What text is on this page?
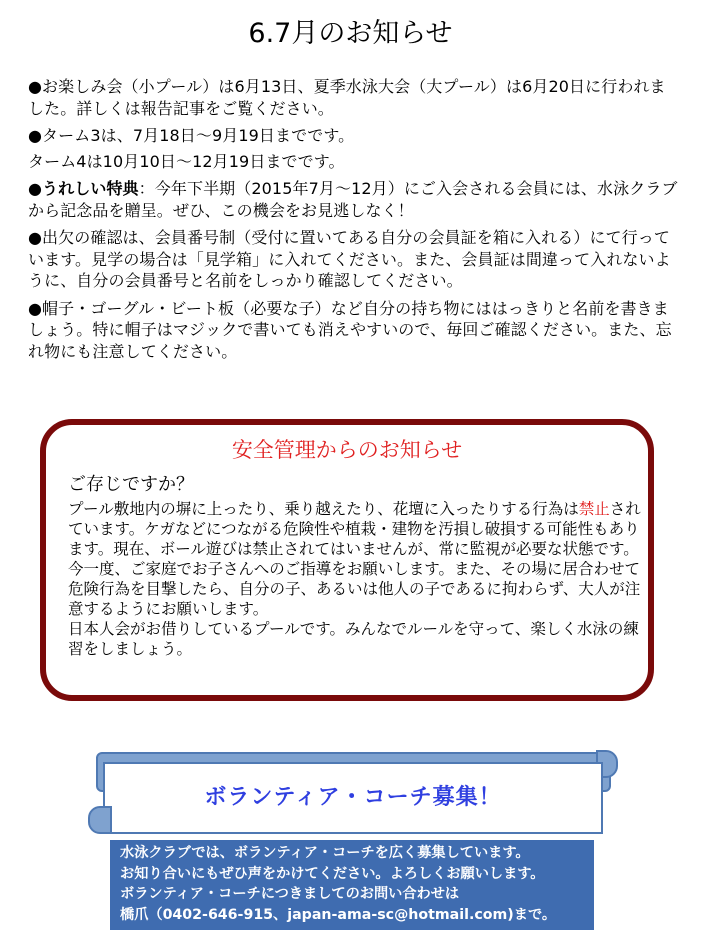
6.7月のお知らせ

●お楽しみ会（小プール）は6月13日、夏季水泳大会（大プール）は6月20日に行われました。詳しくは報告記事をご覧ください。

●ターム3は、7月18日～9月19日までです。

ターム4は10月10日～12月19日までです。

●うれしい特典：今年下半期（2015年7月～12月）にご入会される会員には、水泳クラブから記念品を贈呈。ぜひ、この機会をお見逃しなく！

●出欠の確認は、会員番号制（受付に置いてある自分の会員証を箱に入れる）にて行っています。見学の場合は「見学箱」に入れてください。また、会員証は間違って入れないように、自分の会員番号と名前をしっかり確認してください。

●帽子・ゴーグル・ビート板（必要な子）など自分の持ち物にははっきりと名前を書きましょう。特に帽子はマジックで書いても消えやすいので、毎回ご確認ください。また、忘れ物にも注意してください。

安全管理からのお知らせ
ご存じですか？

プール敷地内の塀に上ったり、乗り越えたり、花壇に入ったりする行為は禁止されています。ケガなどにつながる危険性や植栽・建物を汚損し破損する可能性もあります。現在、ボール遊びは禁止されてはいませんが、常に監視が必要な状態です。

今一度、ご家庭でお子さんへのご指導をお願いします。また、その場に居合わせて危険行為を目撃したら、自分の子、あるいは他人の子であるに拘わらず、大人が注意するようにお願いします。

日本人会がお借りしているプールです。みんなでルールを守って、楽しく水泳の練習をしましょう。

ボランティア・コーチ募集！

水泳クラブでは、ボランティア・コーチを広く募集しています。

お知り合いにもぜひ声をかけてください。よろしくお願いします。

ボランティア・コーチにつきましてのお問い合わせは

橋爪（0402-646-915、japan-ama-sc@hotmail.com)まで。
